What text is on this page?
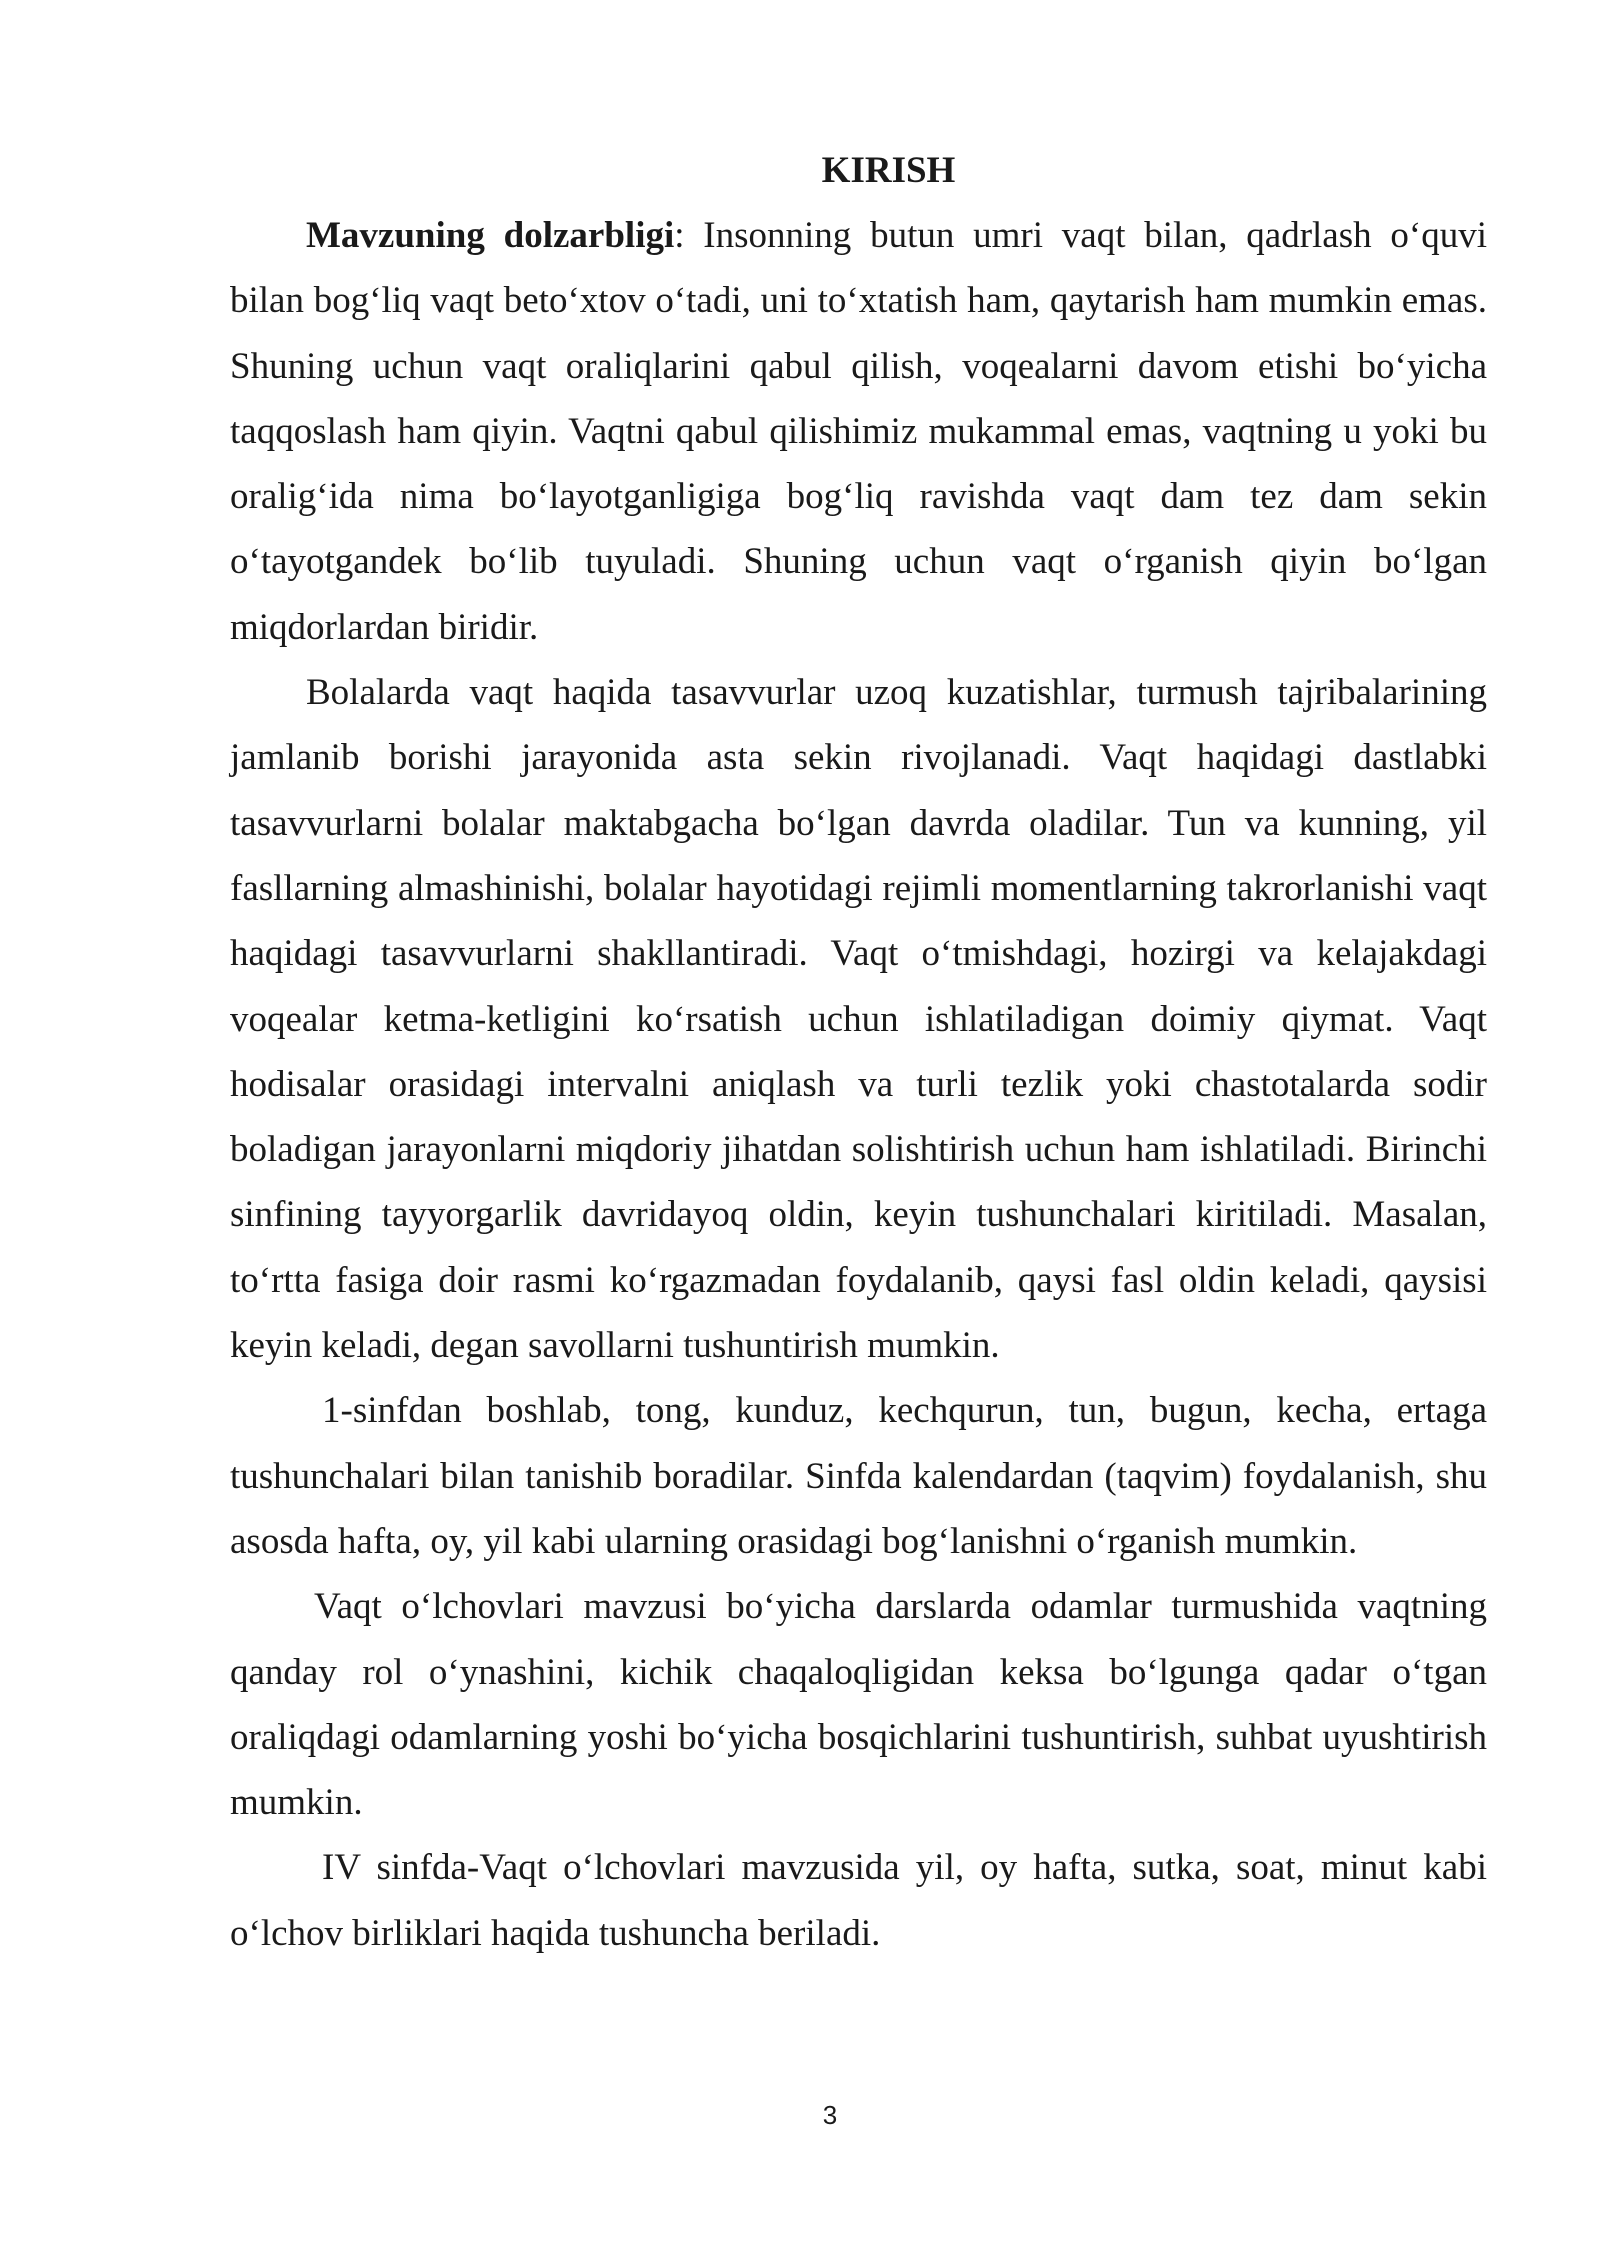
KIRISH

Mavzuning dolzarbligi: Insonning butun umri vaqt bilan, qadrlash o‘quvi bilan bog‘liq vaqt beto‘xtov o‘tadi, uni to‘xtatish ham, qaytarish ham mumkin emas. Shuning uchun vaqt oraliqlarini qabul qilish, voqealarni davom etishi bo‘yicha taqqoslash ham qiyin. Vaqtni qabul qilishimiz mukammal emas, vaqtning u yoki bu oralig‘ida nima bo‘layotganligiga bog‘liq ravishda vaqt dam tez dam sekin o‘tayotgandek bo‘lib tuyuladi. Shuning uchun vaqt o‘rganish qiyin bo‘lgan miqdorlardan biridir.

Bolalarda vaqt haqida tasavvurlar uzoq kuzatishlar, turmush tajribalarining jamlanib borishi jarayonida asta sekin rivojlanadi. Vaqt haqidagi dastlabki tasavvurlarni bolalar maktabgacha bo‘lgan davrda oladilar. Tun va kunning, yil fasllarning almashinishi, bolalar hayotidagi rejimli momentlarning takrorlanishi vaqt haqidagi tasavvurlarni shakllantiradi. Vaqt o‘tmishdagi, hozirgi va kelajakdagi voqealar ketma-ketligini ko‘rsatish uchun ishlatiladigan doimiy qiymat. Vaqt hodisalar orasidagi intervalni aniqlash va turli tezlik yoki chastotalarda sodir boladigan jarayonlarni miqdoriy jihatdan solishtirish uchun ham ishlatiladi. Birinchi sinfining tayyorgarlik davridayoq oldin, keyin tushunchalari kiritiladi. Masalan, to‘rtta fasiga doir rasmi ko‘rgazmadan foydalanib, qaysi fasl oldin keladi, qaysisi keyin keladi, degan savollarni tushuntirish mumkin.

1-sinfdan boshlab, tong, kunduz, kechqurun, tun, bugun, kecha, ertaga tushunchalari bilan tanishib boradilar. Sinfda kalendardan (taqvim) foydalanish, shu asosda hafta, oy, yil kabi ularning orasidagi bog‘lanishni o‘rganish mumkin.

Vaqt o‘lchovlari mavzusi bo‘yicha darslarda odamlar turmushida vaqtning qanday rol o‘ynashini, kichik chaqaloqligidan keksa bo‘lgunga qadar o‘tgan oraliqdagi odamlarning yoshi bo‘yicha bosqichlarini tushuntirish, suhbat uyushtirish mumkin.

IV sinfda-Vaqt o‘lchovlari mavzusida yil, oy hafta, sutka, soat, minut kabi o‘lchov birliklari haqida tushuncha beriladi.

3
